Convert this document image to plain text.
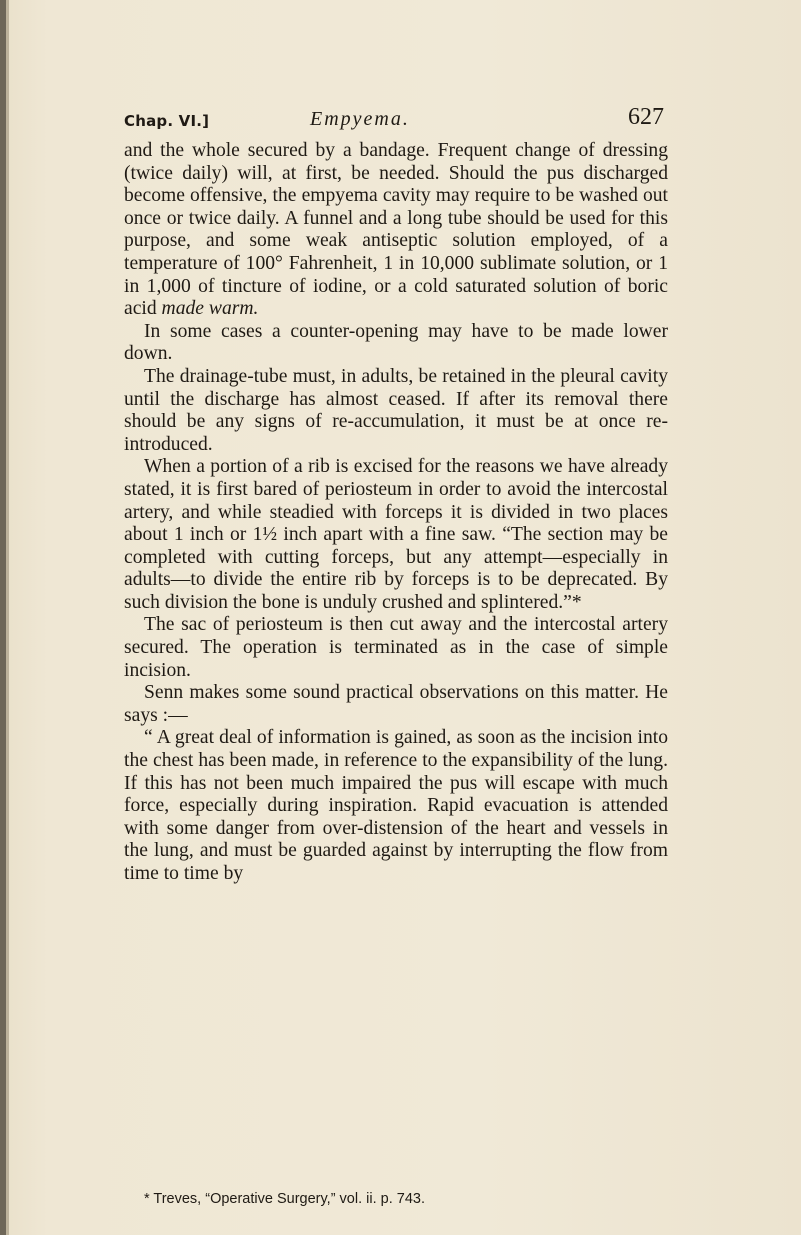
Chap. VI.]	Empyema.	627

and the whole secured by a bandage. Frequent change of dressing (twice daily) will, at first, be needed. Should the pus discharged become offensive, the empyema cavity may require to be washed out once or twice daily. A funnel and a long tube should be used for this purpose, and some weak antiseptic solution employed, of a temperature of 100° Fahrenheit, 1 in 10,000 sublimate solution, or 1 in 1,000 of tincture of iodine, or a cold saturated solution of boric acid made warm.

In some cases a counter-opening may have to be made lower down.

The drainage-tube must, in adults, be retained in the pleural cavity until the discharge has almost ceased. If after its removal there should be any signs of re-accumulation, it must be at once re-introduced.

When a portion of a rib is excised for the reasons we have already stated, it is first bared of periosteum in order to avoid the intercostal artery, and while steadied with forceps it is divided in two places about 1 inch or 1½ inch apart with a fine saw. “The section may be completed with cutting forceps, but any attempt—especially in adults—to divide the entire rib by forceps is to be deprecated. By such division the bone is unduly crushed and splintered.”*

The sac of periosteum is then cut away and the intercostal artery secured. The operation is terminated as in the case of simple incision.

Senn makes some sound practical observations on this matter. He says :—

“ A great deal of information is gained, as soon as the incision into the chest has been made, in reference to the expansibility of the lung. If this has not been much impaired the pus will escape with much force, especially during inspiration. Rapid evacuation is attended with some danger from over-distension of the heart and vessels in the lung, and must be guarded against by interrupting the flow from time to time by

* Treves, “Operative Surgery,” vol. ii. p. 743.
